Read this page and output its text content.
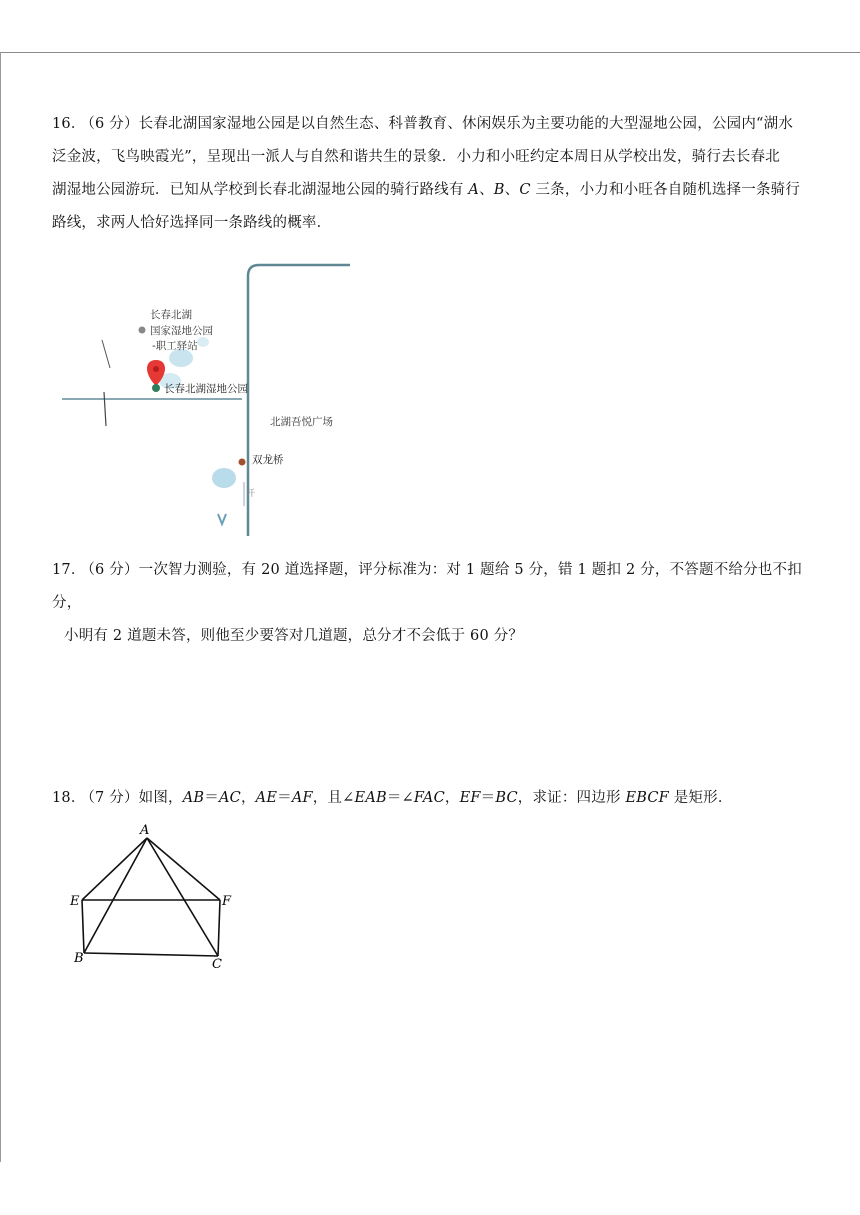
16． （6 分）长春北湖国家湿地公园是以自然生态、科普教育、休闲娱乐为主要功能的大型湿地公园，公园内“湖水
泛金波，飞鸟映霞光”，呈现出一派人与自然和谐共生的景象．小力和小旺约定本周日从学校出发，骑行去长春北
湖湿地公园游玩．已知从学校到长春北湖湿地公园的骑行路线有 A、B、C 三条，小力和小旺各自随机选择一条骑行
路线，求两人恰好选择同一条路线的概率．
长春北湖
国家湿地公园
-职工驿站
长春北湖湿地公园
北湖吾悦广场
双龙桥
开
17． （6 分）一次智力测验，有 20 道选择题，评分标准为：对 1 题给 5 分，错 1 题扣 2 分，不答题不给分也不扣分，
小明有 2 道题未答，则他至少要答对几道题，总分才不会低于 60 分？
18． （7 分）如图，AB＝AC，AE＝AF，且∠EAB＝∠FAC，EF＝BC，求证：四边形 EBCF 是矩形．
A
E	F
B	C
